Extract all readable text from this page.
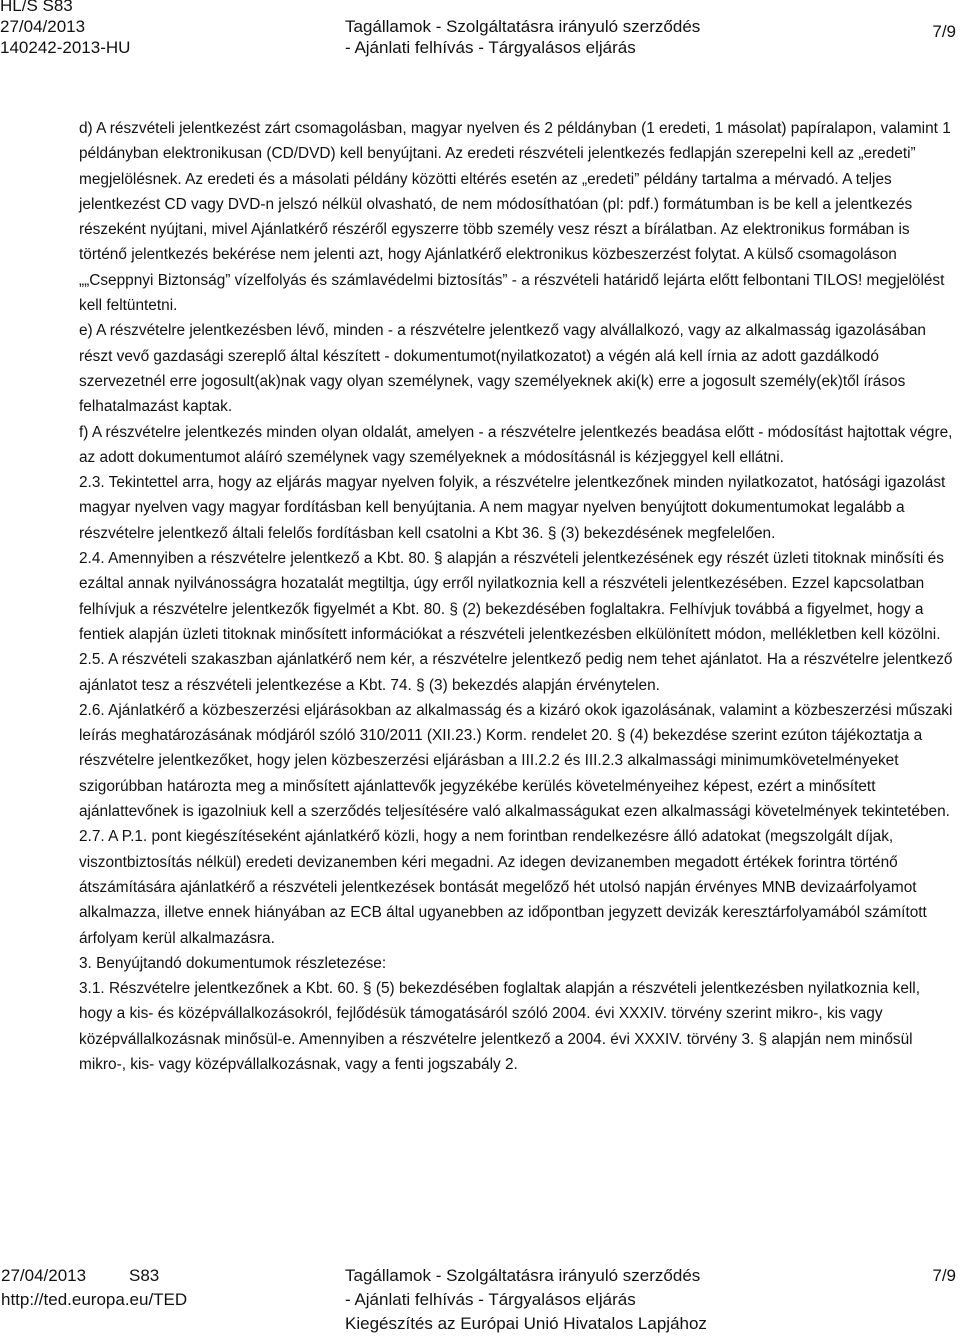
HL/S S83
27/04/2013
140242-2013-HU
Tagállamok - Szolgáltatásra irányuló szerződés
- Ajánlati felhívás - Tárgyalásos eljárás
7/9

d) A részvételi jelentkezést zárt csomagolásban, magyar nyelven és 2 példányban (1 eredeti, 1 másolat) papíralapon, valamint 1 példányban elektronikusan (CD/DVD) kell benyújtani. Az eredeti részvételi jelentkezés fedlapján szerepelni kell az „eredeti” megjelölésnek. Az eredeti és a másolati példány közötti eltérés esetén az „eredeti” példány tartalma a mérvadó. A teljes jelentkezést CD vagy DVD-n jelszó nélkül olvasható, de nem módosíthatóan (pl: pdf.) formátumban is be kell a jelentkezés részeként nyújtani, mivel Ajánlatkérő részéről egyszerre több személy vesz részt a bírálatban. Az elektronikus formában is történő jelentkezés bekérése nem jelenti azt, hogy Ajánlatkérő elektronikus közbeszerzést folytat. A külső csomagoláson „„Cseppnyi Biztonság” vízelfolyás és számlavédelmi biztosítás” - a részvételi határidő lejárta előtt felbontani TILOS! megjelölést kell feltüntetni.

e) A részvételre jelentkezésben lévő, minden - a részvételre jelentkező vagy alvállalkozó, vagy az alkalmasság igazolásában részt vevő gazdasági szereplő által készített - dokumentumot(nyilatkozatot) a végén alá kell írnia az adott gazdálkodó szervezetnél erre jogosult(ak)nak vagy olyan személynek, vagy személyeknek aki(k) erre a jogosult személy(ek)től írásos felhatalmazást kaptak.

f) A részvételre jelentkezés minden olyan oldalát, amelyen - a részvételre jelentkezés beadása előtt - módosítást hajtottak végre, az adott dokumentumot aláíró személynek vagy személyeknek a módosításnál is kézjeggyel kell ellátni.

2.3. Tekintettel arra, hogy az eljárás magyar nyelven folyik, a részvételre jelentkezőnek minden nyilatkozatot, hatósági igazolást magyar nyelven vagy magyar fordításban kell benyújtania. A nem magyar nyelven benyújtott dokumentumokat legalább a részvételre jelentkező általi felelős fordításban kell csatolni a Kbt 36. § (3) bekezdésének megfelelően.

2.4. Amennyiben a részvételre jelentkező a Kbt. 80. § alapján a részvételi jelentkezésének egy részét üzleti titoknak minősíti és ezáltal annak nyilvánosságra hozatalát megtiltja, úgy erről nyilatkoznia kell a részvételi jelentkezésében. Ezzel kapcsolatban felhívjuk a részvételre jelentkezők figyelmét a Kbt. 80. § (2) bekezdésében foglaltakra. Felhívjuk továbbá a figyelmet, hogy a fentiek alapján üzleti titoknak minősített információkat a részvételi jelentkezésben elkülönített módon, mellékletben kell közölni.

2.5. A részvételi szakaszban ajánlatkérő nem kér, a részvételre jelentkező pedig nem tehet ajánlatot. Ha a részvételre jelentkező ajánlatot tesz a részvételi jelentkezése a Kbt. 74. § (3) bekezdés alapján érvénytelen.

2.6. Ajánlatkérő a közbeszerzési eljárásokban az alkalmasság és a kizáró okok igazolásának, valamint a közbeszerzési műszaki leírás meghatározásának módjáról szóló 310/2011 (XII.23.) Korm. rendelet 20. § (4) bekezdése szerint ezúton tájékoztatja a részvételre jelentkezőket, hogy jelen közbeszerzési eljárásban a III.2.2 és III.2.3 alkalmassági minimumkövetelményeket szigorúbban határozta meg a minősített ajánlattevők jegyzékébe kerülés követelményeihez képest, ezért a minősített ajánlattevőnek is igazolniuk kell a szerződés teljesítésére való alkalmasságukat ezen alkalmassági követelmények tekintetében.

2.7. A P.1. pont kiegészítéseként ajánlatkérő közli, hogy a nem forintban rendelkezésre álló adatokat (megszolgált díjak, viszontbiztosítás nélkül) eredeti devizanemben kéri megadni. Az idegen devizanemben megadott értékek forintra történő átszámítására ajánlatkérő a részvételi jelentkezések bontását megelőző hét utolsó napján érvényes MNB devizaárfolyamot alkalmazza, illetve ennek hiányában az ECB által ugyanebben az időpontban jegyzett devizák keresztárfolyamából számított árfolyam kerül alkalmazásra.

3. Benyújtandó dokumentumok részletezése:

3.1. Részvételre jelentkezőnek a Kbt. 60. § (5) bekezdésében foglaltak alapján a részvételi jelentkezésben nyilatkoznia kell, hogy a kis- és középvállalkozásokról, fejlődésük támogatásáról szóló 2004. évi XXXIV. törvény szerint mikro-, kis vagy középvállalkozásnak minősül-e. Amennyiben a részvételre jelentkező a 2004. évi XXXIV. törvény 3. § alapján nem minősül mikro-, kis- vagy középvállalkozásnak, vagy a fenti jogszabály 2.

27/04/2013	S83
http://ted.europa.eu/TED
Tagállamok - Szolgáltatásra irányuló szerződés
- Ajánlati felhívás - Tárgyalásos eljárás
Kiegészítés az Európai Unió Hivatalos Lapjához
7/9
